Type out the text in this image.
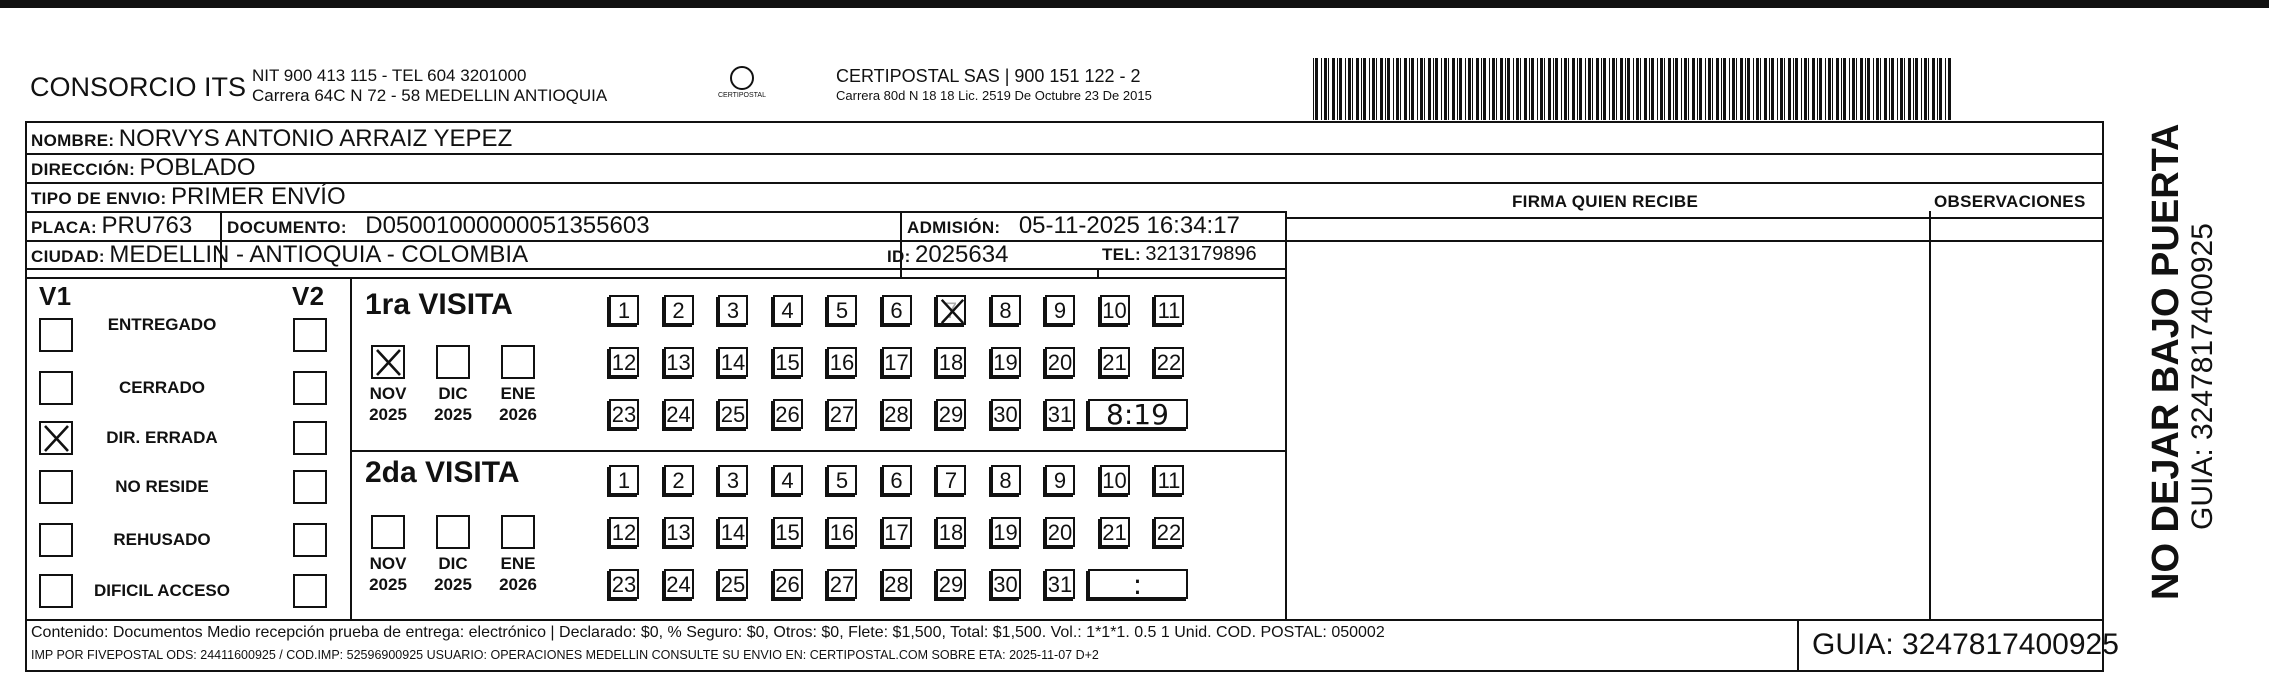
CONSORCIO ITS NIT 900 413 115 - TEL 604 3201000
Carrera 64C N 72 - 58 MEDELLIN ANTIOQUIA	CERTIPOSTAL
CERTIPOSTAL SAS | 900 151 122 - 2
Carrera 80d N 18 18 Lic. 2519 De Octubre 23 De 2015
NOMBRE: NORVYS ANTONIO ARRAIZ YEPEZ
DIRECCIÓN: POBLADO
TIPO DE ENVIO: PRIMER ENVÍO	FIRMA QUIEN RECIBE	OBSERVACIONES
PLACA: PRU763 DOCUMENTO: D05001000000051355603	ADMISIÓN: 05-11-2025 16:34:17
CIUDAD: MEDELLIN - ANTIOQUIA - COLOMBIA	ID: 2025634	TEL: 3213179896
V1	V2
ENTREGADO
CERRADO
DIR. ERRADA
NO RESIDE
REHUSADO
DIFICIL ACCESO
1ra VISITA
NOV
2025
DIC
2025
ENE
2026
1	2	3	4	5	6	7	8	9	10 11
12 13 14 15 16 17 18 19 20 21 22
23 24 25 26 27 28 29 30 31	8:19
2da VISITA
NOV
2025
DIC
2025
ENE
2026
1	2	3	4	5	6	7	8	9	10 11
12 13 14 15 16 17 18 19 20 21 22
23 24 25 26 27 28 29 30 31	:
Contenido: Documentos Medio recepción prueba de entrega: electrónico | Declarado: $0, % Seguro: $0, Otros: $0, Flete: $1,500, Total: $1,500. Vol.: 1*1*1. 0.5 1 Unid. COD. POSTAL: 050002
IMP POR FIVEPOSTAL ODS: 24411600925 / COD.IMP: 52596900925 USUARIO: OPERACIONES MEDELLIN CONSULTE SU ENVIO EN: CERTIPOSTAL.COM SOBRE ETA: 2025-11-07 D+2	GUIA: 3247817400925
NO DEJAR BAJO PUERTA GUIA: 3247817400925
